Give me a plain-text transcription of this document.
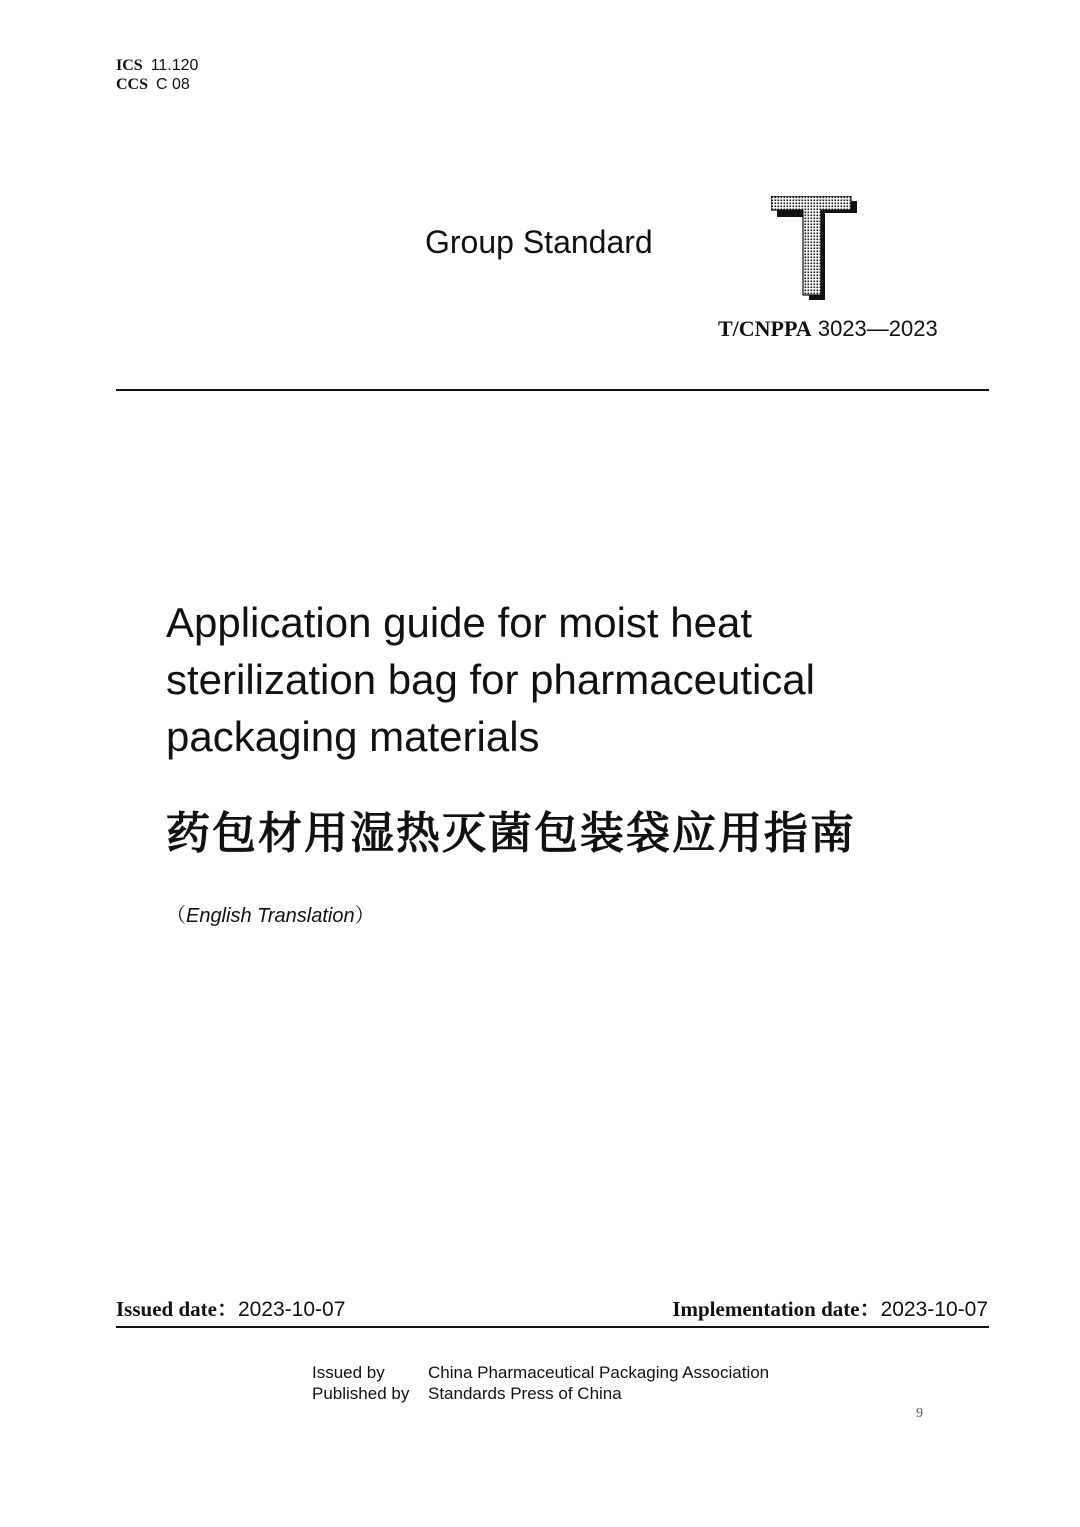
ICS 11.120
CCS C 08
Group Standard
T/CNPPA 3023—2023
Application guide for moist heat
sterilization bag for pharmaceutical
packaging materials
药包材用湿热灭菌包装袋应用指南
（English Translation）
Issued date：2023-10-07	Implementation date：2023-10-07
Issued by	China Pharmaceutical Packaging Association
Published by Standards Press of China
9
